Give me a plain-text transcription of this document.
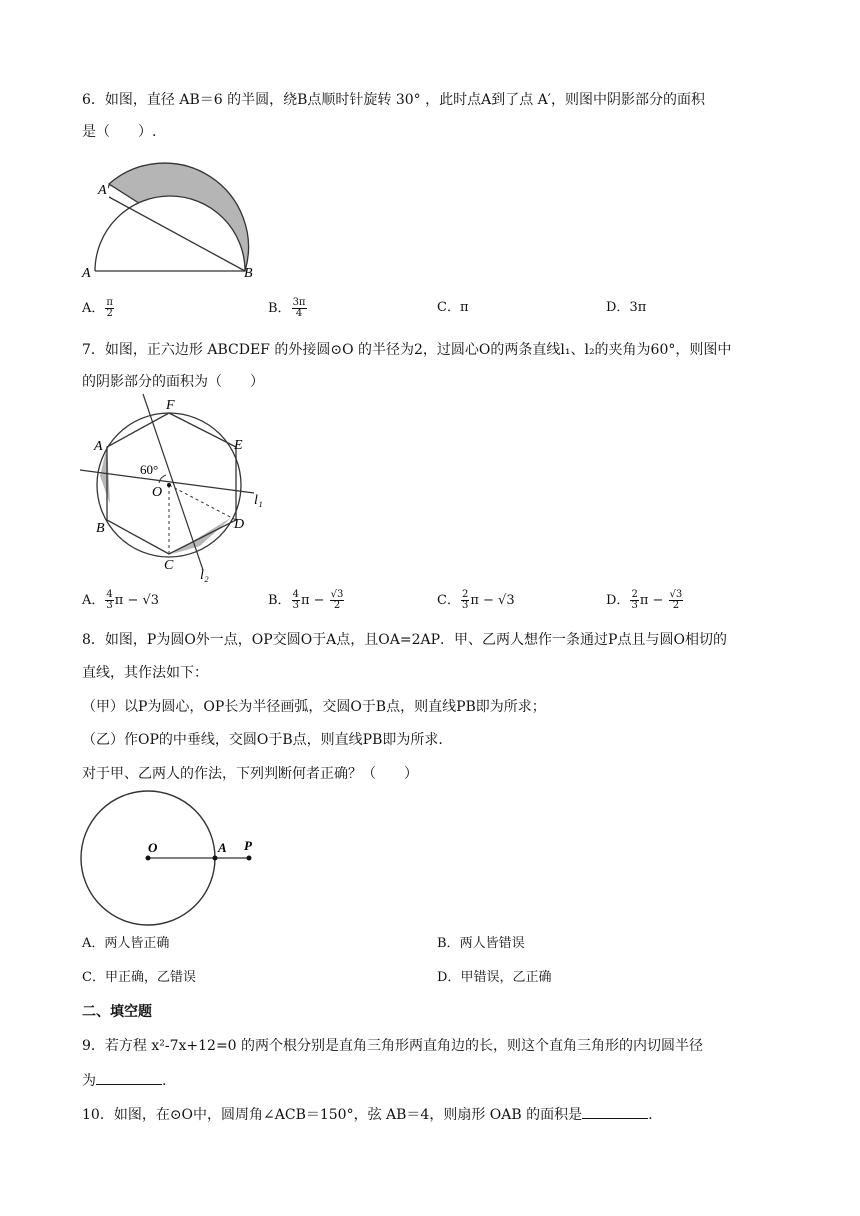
6．如图，直径 AB＝6 的半圆，绕B点顺时针旋转 30° ，此时点A到了点 A′，则图中阴影部分的面积
是（　　）.
A′
A	B
A． $\frac{\pi}{2}$	B． $\frac{3\pi}{4}$	C．π	D．3π
7．如图，正六边形 ABCDEF 的外接圆⊙O 的半径为2，过圆心O的两条直线l₁、l₂的夹角为60°，则图中
的阴影部分的面积为（　　）
F
E
A
B
C
D
O
60°
l₁
l₂
A． $\frac{4}{3}$ π − √3	B． $\frac{4}{3}$ $\pi - \frac{√3}{2}$	C． $\frac{2}{3}$ π − √3	D． $\frac{2}{3}$ $\pi - \frac{√3}{2}$
8．如图，P为圆O外一点，OP交圆O于A点，且OA=2AP．甲、乙两人想作一条通过P点且与圆O相切的
直线，其作法如下：
（甲）以P为圆心，OP长为半径画弧，交圆O于B点，则直线PB即为所求；
（乙）作OP的中垂线，交圆O于B点，则直线PB即为所求.
对于甲、乙两人的作法，下列判断何者正确？（　　）
O	A P
A．两人皆正确	B．两人皆错误
C．甲正确，乙错误	D．甲错误，乙正确
二、填空题
9．若方程 x²-7x+12=0 的两个根分别是直角三角形两直角边的长，则这个直角三角形的内切圆半径
为	.
10．如图，在⊙O中，圆周角∠ACB＝150°，弦 AB＝4，则扇形 OAB 的面积是	.
